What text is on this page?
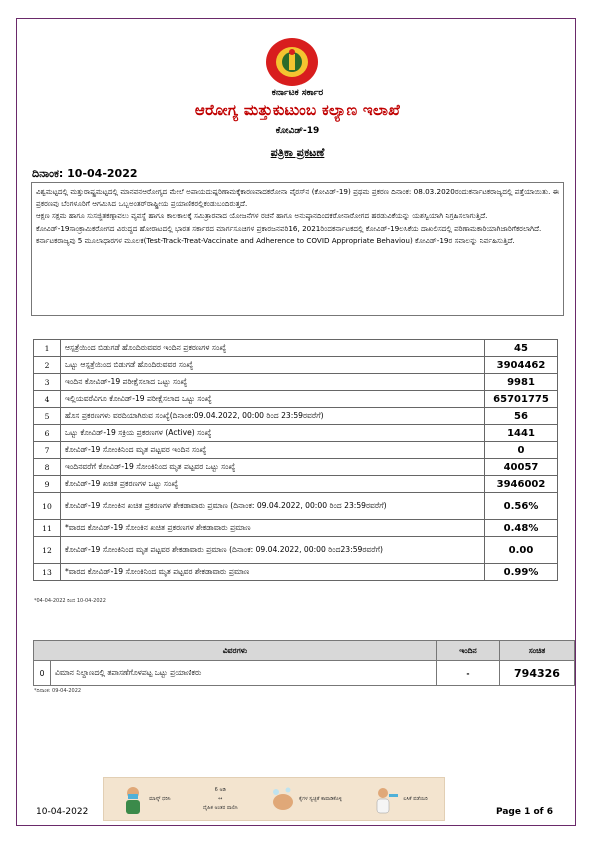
ಕರ್ನಾಟಕ ಸರ್ಕಾರ
ಆರೋಗ್ಯ ಮತ್ತುಕುಟುಂಬ ಕಲ್ಯಾಣ ಇಲಾಖೆ
ಕೋವಿಡ್-19
ಪತ್ರಿಕಾ ಪ್ರಕಟಣೆ
ದಿನಾಂಕ: 10-04-2022

ವಿಶ್ವಮಟ್ಟದಲ್ಲಿ ಮತ್ತುರಾಷ್ಟ್ರಮಟ್ಟದಲ್ಲಿ ಮಾನವನಆರೋಗ್ಯದ ಮೇಲೆ ಅಪಾಯದುಷ್ಪರಿಣಾಮಕ್ಕೆಕಾರಣವಾದಕರೋನಾ ವೈರಸ್‌ನ (ಕೋವಿಡ್-19) ಪ್ರಥಮ ಪ್ರಕರಣ ದಿನಾಂಕ: 08.03.2020ರಂದುಕರ್ನಾಟಕರಾಜ್ಯದಲ್ಲಿ ಪತ್ತೆಯಾಯಿತು. ಈ ಪ್ರಕರಣವು ಬೆಂಗಳೂರಿಗೆ ಆಗಮಿಸಿದ ಒಬ್ಬಅಂತರ್‌ರಾಷ್ಟ್ರೀಯ ಪ್ರಯಾಣಿಕರಲ್ಲಿಕಂಡುಬಂದಿರುತ್ತದೆ.

ಆಕ್ಷಣ ಸಕ್ಷಮ ಹಾಗೂ ಸುಸಜ್ಜಿತಕಣ್ಗಾವಲು ವ್ಯವಸ್ಥೆ ಹಾಗೂ ಕಾಲಕಾಲಕ್ಕೆ ಸಮಿತ್ರಾರವಾದ ಯೋಜನೆಗಳ ರಚನೆ ಹಾಗೂ ಅನುಷ್ಠಾನದಿಂದಕರೋನಾರೋಗದ ಹರಡುವಿಕೆಯನ್ನು ಯಶಸ್ವಿಯಾಗಿ ನಿಗ್ರಹಿಸಲಾಗುತ್ತಿದೆ.

ಕೋವಿಡ್-19ಸಾಂಕ್ರಾಮಿಕರೋಗದ ವಿರುದ್ಧದ ಹೋರಾಟದಲ್ಲಿ ಭಾರತ ಸರ್ಕಾರದ ಮಾರ್ಗಸೂಚಿಗಳ ಪ್ರಕಾರಜನವರಿ16, 2021ರಿಂದಕರ್ನಾಟಕದಲ್ಲಿ ಕೋವಿಡ್-19ಲಸಿಕೆಯ ದಾಖಲಿಸದಲ್ಲಿ ಪರಿಣಾಮಕಾರಿಯಾಗಿಜಾರಿಗೆಕರಲಾಗಿದೆ.

ಕರ್ನಾಟಕರಾಜ್ಯವು 5 ಮೂಲಾಧಾರಗಳ ಮೂಲಕ(Test-Track-Treat-Vaccinate and Adherence to COVID Appropriate Behaviou) ಕೋವಿಡ್-19ರ ಸವಾಲನ್ನು ನಿರ್ವಹಿಸುತ್ತಿದೆ.

1	ಆಸ್ಪತ್ರೆಯಿಂದ ಬಿಡುಗಡೆ ಹೊಂದಿರುವವರ ಇಂದಿನ ಪ್ರಕರಣಗಳ ಸಂಖ್ಯೆ	45
2	ಒಟ್ಟು ಆಸ್ಪತ್ರೆಯಿಂದ ಬಿಡುಗಡೆ ಹೊಂದಿರುವವರ ಸಂಖ್ಯೆ	3904462
3	ಇಂದಿನ ಕೋವಿಡ್-19 ಪರೀಕ್ಷೆಸಲಾದ ಒಟ್ಟು ಸಂಖ್ಯೆ	9981
4	ಇಲ್ಲಿಯವರೆವಿಗೂ ಕೋವಿಡ್-19 ಪರೀಕ್ಷೆಸಲಾದ ಒಟ್ಟು ಸಂಖ್ಯೆ	65701775
5	ಹೊಸ ಪ್ರಕರಣಗಳು ವರದಿಯಾಗಿರುವ ಸಂಖ್ಯೆ(ದಿನಾಂಕ:09.04.2022, 00:00 ರಿಂದ 23:59ರವರೆಗೆ)	56
6	ಒಟ್ಟು ಕೋವಿಡ್-19 ಸಕ್ರಿಯ ಪ್ರಕರಣಗಳ (Active) ಸಂಖ್ಯೆ	1441
7	ಕೋವಿಡ್-19 ಸೋಂಕಿನಿಂದ ಮೃತ ಪಟ್ಟವರ ಇಂದಿನ ಸಂಖ್ಯೆ	0
8	ಇಂದಿನವರೆಗೆ ಕೋವಿಡ್-19 ಸೋಂಕಿನಿಂದ ಮೃತ ಪಟ್ಟವರ ಒಟ್ಟು ಸಂಖ್ಯೆ	40057
9	ಕೋವಿಡ್-19 ಖಚಿತ ಪ್ರಕರಣಗಳ ಒಟ್ಟು ಸಂಖ್ಯೆ	3946002
10	ಕೋವಿಡ್-19 ಸೋಂಕಿನ ಖಚಿತ ಪ್ರಕರಣಗಳ ಶೇಕಡಾವಾರು ಪ್ರಮಾಣ (ದಿನಾಂಕ: 09.04.2022, 00:00 ರಿಂದ 23:59ರವರೆಗೆ)	0.56%
11	*ವಾರದ ಕೋವಿಡ್-19 ಸೋಂಕಿನ ಖಚಿತ ಪ್ರಕರಣಗಳ ಶೇಕಡಾವಾರು ಪ್ರಮಾಣ	0.48%
12	ಕೋವಿಡ್-19 ಸೋಂಕಿನಿಂದ ಮೃತ ಪಟ್ಟವರ ಶೇಕಡಾವಾರು ಪ್ರಮಾಣ (ದಿನಾಂಕ: 09.04.2022, 00:00 ರಿಂದ23:59ರವರೆಗೆ)	0.00
13	*ವಾರದ ಕೋವಿಡ್-19 ಸೋಂಕಿನಿಂದ ಮೃತ ಪಟ್ಟವರ ಶೇಕಡಾವಾರು ಪ್ರಮಾಣ	0.99%
*04-04-2022 ರಿಂದ 10-04-2022
ವಿವರಗಳು		ಇಂದಿನ	ಸಂಚಿತ
0	ವಿಮಾನ ನಿಲ್ದಾಣದಲ್ಲಿ ತಪಾಸಣೆಗೊಳಪಟ್ಟ ಒಟ್ಟು ಪ್ರಯಾಣಿಕರು	-	794326
*ದಿನಾಂಕ: 09-04-2022
ಮಾಸ್ಕ್ ಧರಿಸಿ
6 ಅಡಿ
↔
ದೈಹಿಕ ಅಂತರ ಪಾಲಿಸಿ
ಕೈಗಳ ಸ್ವಚ್ಛತೆ ಕಾಪಾಡಿಕೊಳ್ಳಿ	ಲಸಿಕೆ ಪಡೆಯಿರಿ
10-04-2022	Page 1 of 6
